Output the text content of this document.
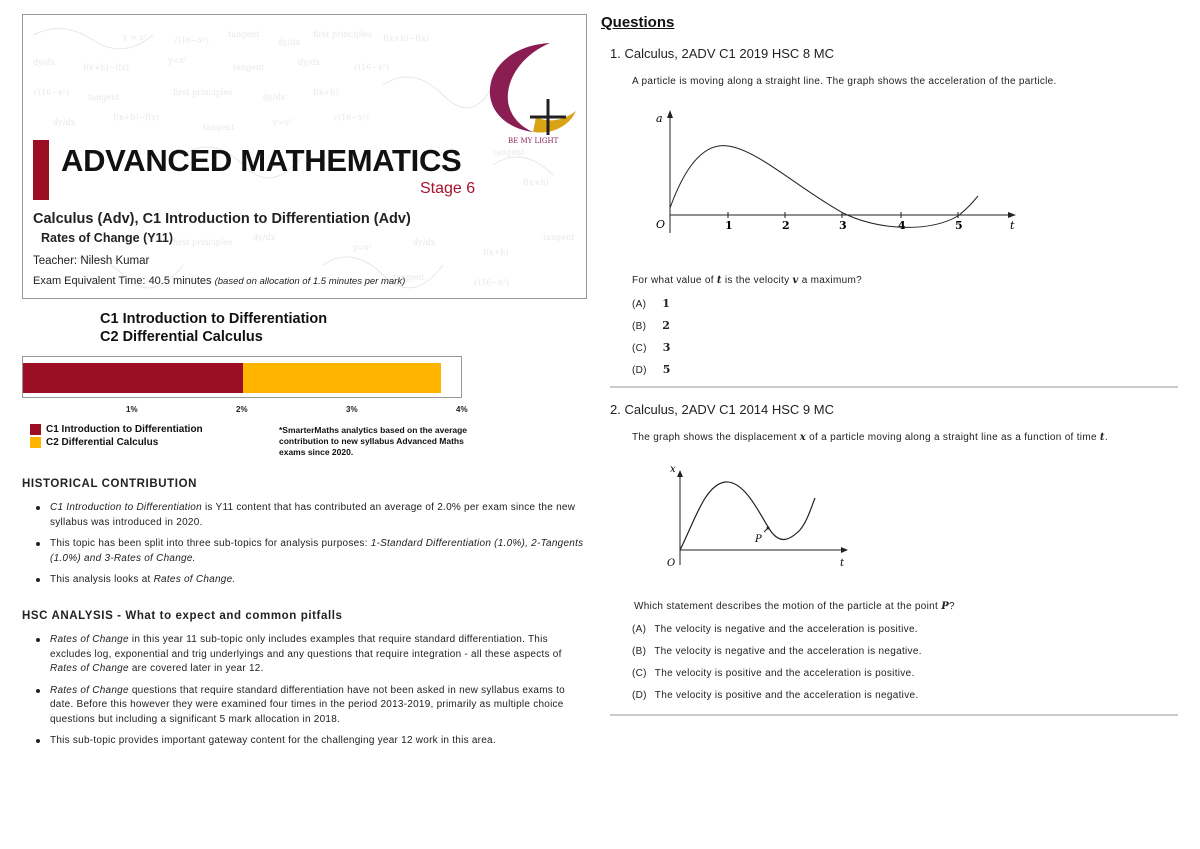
y = x²	√(16−x²)
tangent
dy/dx
first principles f(x+h)−f(x)
dy/dx
f(x+h)−f(x)
y=x²
tangent
dy/dx
√(16−x²)
√(16−x²)
tangent
first principles
dy/dx
f(x+h)
dy/dx
f(x+h)−f(x)
tangent
y=x²
√(16−x²)
tangent
f(x+h)
first principles
dy/dx
y=x²
dy/dx
f(x+h)
tangent
tangent
√(16−x²)
BE MY LIGHT
ADVANCED MATHEMATICS
Stage 6
Calculus (Adv), C1 Introduction to Differentiation (Adv)
Rates of Change (Y11)
Teacher: Nilesh Kumar
Exam Equivalent Time: 40.5 minutes (based on allocation of 1.5 minutes per mark)
C1 Introduction to Differentiation
C2 Differential Calculus
1%	2%	3%	4%
C1 Introduction to Differentiation
C2 Differential Calculus
*SmarterMaths analytics based on the average contribution to new syllabus Advanced Maths exams since 2020.
HISTORICAL CONTRIBUTION
C1 Introduction to Differentiation is Y11 content that has contributed an average of 2.0% per exam since the new syllabus was introduced in 2020.
This topic has been split into three sub-topics for analysis purposes: 1-Standard Differentiation (1.0%), 2-Tangents (1.0%) and 3-Rates of Change.
This analysis looks at Rates of Change.
HSC ANALYSIS - What to expect and common pitfalls
Rates of Change in this year 11 sub-topic only includes examples that require standard differentiation. This excludes log, exponential and trig underlyings and any questions that require integration - all these aspects of Rates of Change are covered later in year 12.
Rates of Change questions that require standard differentiation have not been asked in new syllabus exams to date. Before this however they were examined four times in the period 2013-2019, primarily as multiple choice questions but including a significant 5 mark allocation in 2018.
This sub-topic provides important gateway content for the challenging year 12 work in this area.
Questions
1. Calculus, 2ADV C1 2019 HSC 8 MC
A particle is moving along a straight line. The graph shows the acceleration of the particle.
a
O	t
1	2	3	4	5
For what value of t is the velocity v a maximum?
(A) 1
(B) 2
(C) 3
(D) 5
2. Calculus, 2ADV C1 2014 HSC 9 MC
The graph shows the displacement x of a particle moving along a straight line as a function of time t.
x
O	t
P
Which statement describes the motion of the particle at the point P?
(A) The velocity is negative and the acceleration is positive.
(B) The velocity is negative and the acceleration is negative.
(C) The velocity is positive and the acceleration is positive.
(D) The velocity is positive and the acceleration is negative.
